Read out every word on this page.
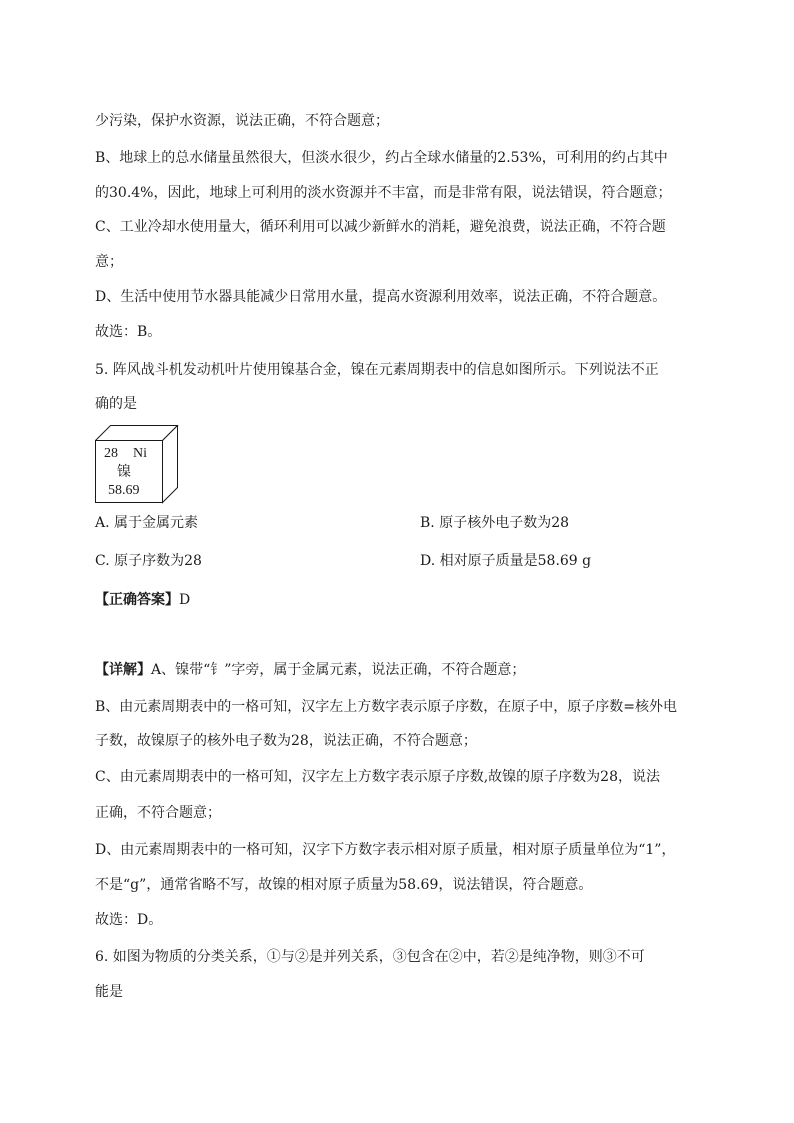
少污染，保护水资源，说法正确，不符合题意；
B、地球上的总水储量虽然很大，但淡水很少，约占全球水储量的2.53%，可利用的约占其中
的30.4%，因此，地球上可利用的淡水资源并不丰富，而是非常有限，说法错误，符合题意；
C、工业冷却水使用量大，循环利用可以减少新鲜水的消耗，避免浪费，说法正确，不符合题
意；
D、生活中使用节水器具能减少日常用水量，提高水资源利用效率，说法正确，不符合题意。
故选：B。
5. 阵风战斗机发动机叶片使用镍基合金，镍在元素周期表中的信息如图所示。下列说法不正
确的是
28 Ni
镍
58.69
A. 属于金属元素	B. 原子核外电子数为28
C. 原子序数为28	D. 相对原子质量是58.69 g
【正确答案】D
【详解】A、镍带“钅”字旁，属于金属元素，说法正确，不符合题意；
B、由元素周期表中的一格可知，汉字左上方数字表示原子序数，在原子中，原子序数=核外电
子数，故镍原子的核外电子数为28，说法正确，不符合题意；
C、由元素周期表中的一格可知，汉字左上方数字表示原子序数,故镍的原子序数为28，说法
正确，不符合题意；
D、由元素周期表中的一格可知，汉字下方数字表示相对原子质量，相对原子质量单位为“1”，
不是“g”，通常省略不写，故镍的相对原子质量为58.69，说法错误，符合题意。
故选：D。
6. 如图为物质的分类关系，①与②是并列关系，③包含在②中，若②是纯净物，则③不可
能是
